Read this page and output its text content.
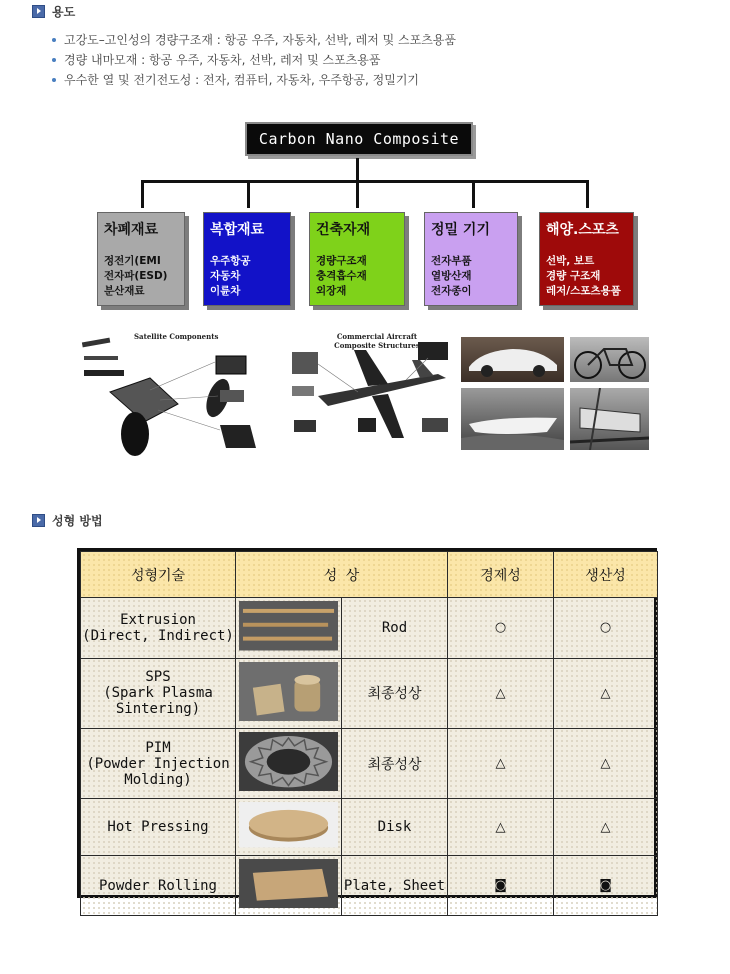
용도
고강도–고인성의 경량구조재 : 항공 우주, 자동차, 선박, 레저 및 스포츠용품
경량 내마모재 : 항공 우주, 자동차, 선박, 레저 및 스포츠용품
우수한 열 및 전기전도성 : 전자, 컴퓨터, 자동차, 우주항공, 정밀기기
Carbon Nano Composite
차폐재료
정전기(EMI
전자파(ESD)
분산재료
복합재료
우주항공
자동차
이륜차
건축자재
경량구조재
충격흡수재
외장재
정밀 기기
전자부품
열방산재
전자종이
해양.스포츠
선박, 보트
경량 구조재
레저/스포츠용품
Satellite Components	Commercial Aircraft Composite Structures
성형 방법
성형기술	성 상		경제성	생산성

Extrusion
(Direct, Indirect)		Rod	○	○

SPS
(Spark Plasma
Sintering)		최종성상	△	△

PIM
(Powder Injection
Molding)		최종성상	△	△

Hot Pressing		Disk	△	△

Powder Rolling		Plate, Sheet	◙	◙
